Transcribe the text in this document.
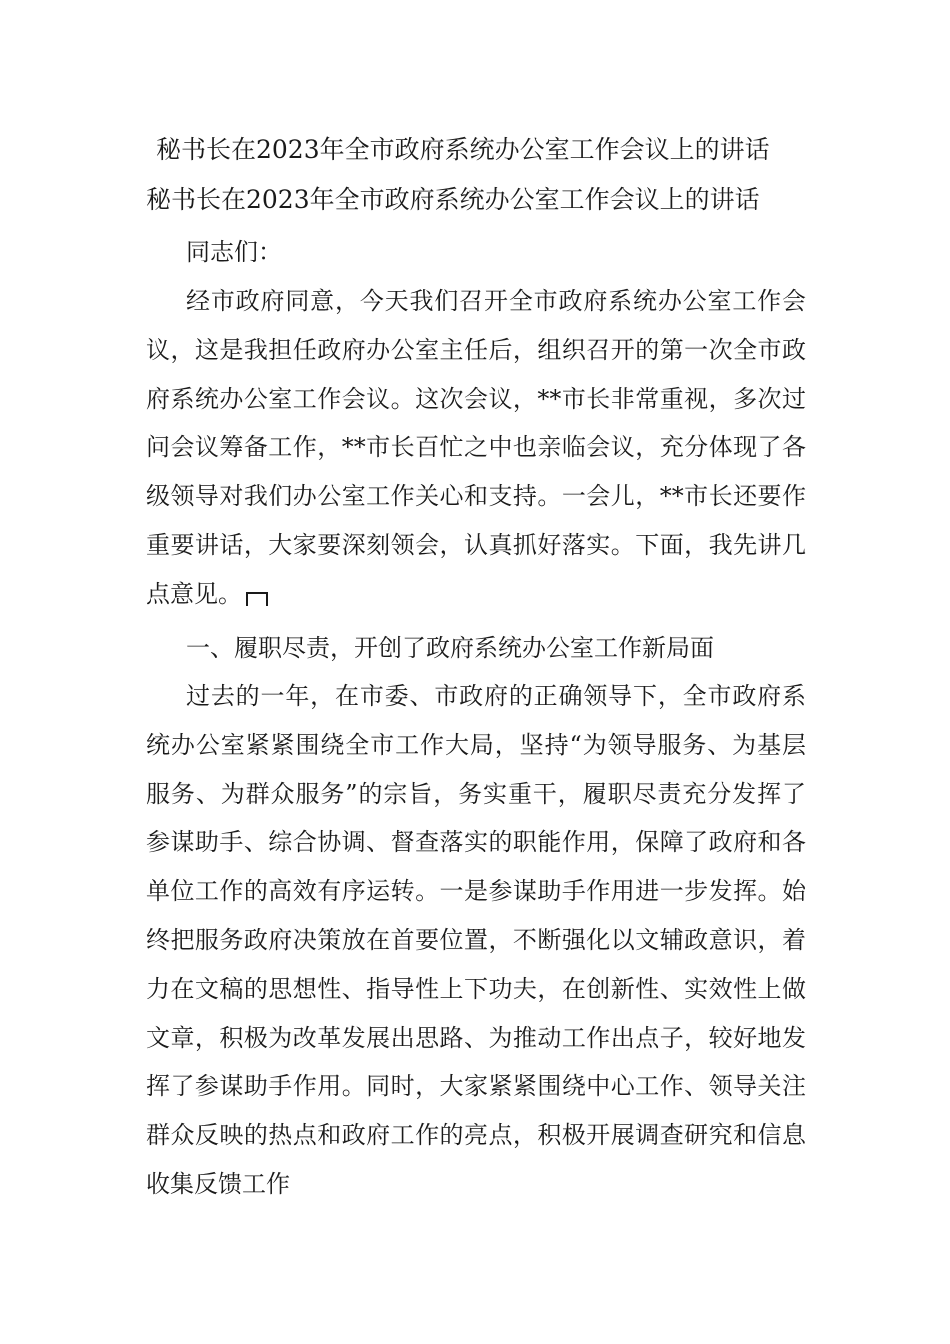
秘书长在2023年全市政府系统办公室工作会议上的讲话
秘书长在2023年全市政府系统办公室工作会议上的讲话
同志们：

经市政府同意，今天我们召开全市政府系统办公室工作会议，这是我担任政府办公室主任后，组织召开的第一次全市政府系统办公室工作会议。这次会议，**市长非常重视，多次过问会议筹备工作，**市长百忙之中也亲临会议，充分体现了各级领导对我们办公室工作关心和支持。一会儿，**市长还要作重要讲话，大家要深刻领会，认真抓好落实。下面，我先讲几点意见。

一、履职尽责，开创了政府系统办公室工作新局面

过去的一年，在市委、市政府的正确领导下，全市政府系统办公室紧紧围绕全市工作大局，坚持“为领导服务、为基层服务、为群众服务”的宗旨，务实重干，履职尽责充分发挥了参谋助手、综合协调、督查落实的职能作用，保障了政府和各单位工作的高效有序运转。一是参谋助手作用进一步发挥。始终把服务政府决策放在首要位置，不断强化以文辅政意识，着力在文稿的思想性、指导性上下功夫，在创新性、实效性上做文章，积极为改革发展出思路、为推动工作出点子，较好地发挥了参谋助手作用。同时，大家紧紧围绕中心工作、领导关注群众反映的热点和政府工作的亮点，积极开展调查研究和信息收集反馈工作
